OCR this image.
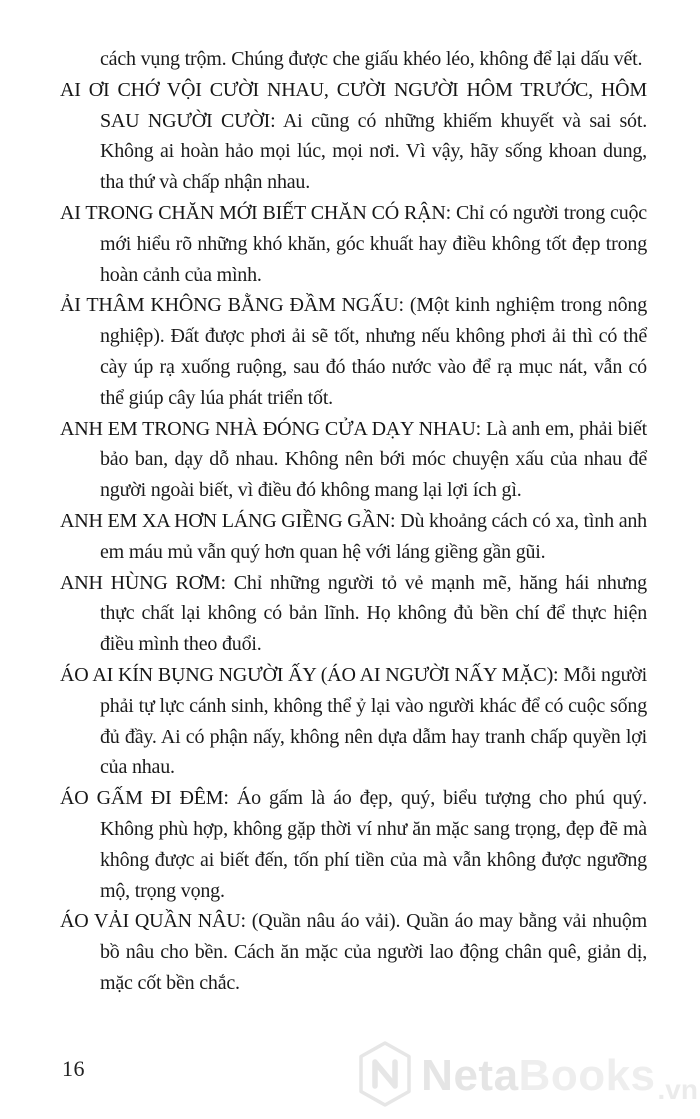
cách vụng trộm. Chúng được che giấu khéo léo, không để lại dấu vết.

AI ƠI CHỚ VỘI CƯỜI NHAU, CƯỜI NGƯỜI HÔM TRƯỚC, HÔM SAU NGƯỜI CƯỜI: Ai cũng có những khiếm khuyết và sai sót. Không ai hoàn hảo mọi lúc, mọi nơi. Vì vậy, hãy sống khoan dung, tha thứ và chấp nhận nhau.

AI TRONG CHĂN MỚI BIẾT CHĂN CÓ RẬN: Chỉ có người trong cuộc mới hiểu rõ những khó khăn, góc khuất hay điều không tốt đẹp trong hoàn cảnh của mình.

ẢI THÂM KHÔNG BẰNG ĐẦM NGẤU: (Một kinh nghiệm trong nông nghiệp). Đất được phơi ải sẽ tốt, nhưng nếu không phơi ải thì có thể cày úp rạ xuống ruộng, sau đó tháo nước vào để rạ mục nát, vẫn có thể giúp cây lúa phát triển tốt.

ANH EM TRONG NHÀ ĐÓNG CỬA DẠY NHAU: Là anh em, phải biết bảo ban, dạy dỗ nhau. Không nên bới móc chuyện xấu của nhau để người ngoài biết, vì điều đó không mang lại lợi ích gì.

ANH EM XA HƠN LÁNG GIỀNG GẦN: Dù khoảng cách có xa, tình anh em máu mủ vẫn quý hơn quan hệ với láng giềng gần gũi.

ANH HÙNG RƠM: Chỉ những người tỏ vẻ mạnh mẽ, hăng hái nhưng thực chất lại không có bản lĩnh. Họ không đủ bền chí để thực hiện điều mình theo đuổi.

ÁO AI KÍN BỤNG NGƯỜI ẤY (ÁO AI NGƯỜI NẤY MẶC): Mỗi người phải tự lực cánh sinh, không thể ỷ lại vào người khác để có cuộc sống đủ đầy. Ai có phận nấy, không nên dựa dẫm hay tranh chấp quyền lợi của nhau.

ÁO GẤM ĐI ĐÊM: Áo gấm là áo đẹp, quý, biểu tượng cho phú quý. Không phù hợp, không gặp thời ví như ăn mặc sang trọng, đẹp đẽ mà không được ai biết đến, tốn phí tiền của mà vẫn không được ngưỡng mộ, trọng vọng.

ÁO VẢI QUẦN NÂU: (Quần nâu áo vải). Quần áo may bằng vải nhuộm bồ nâu cho bền. Cách ăn mặc của người lao động chân quê, giản dị, mặc cốt bền chắc.

16	NetaBooks .vn
